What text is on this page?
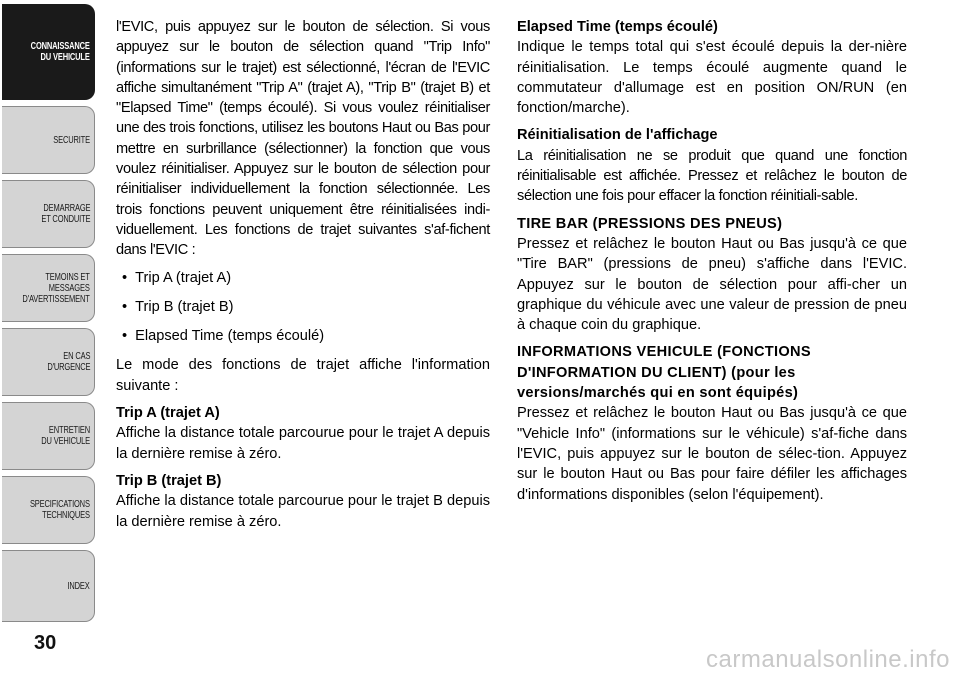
CONNAISSANCE
DU VEHICULE
SECURITE
DEMARRAGE
ET CONDUITE
TEMOINS ET
MESSAGES
D'AVERTISSEMENT
EN CAS
D'URGENCE
ENTRETIEN
DU VEHICULE
SPECIFICATIONS
TECHNIQUES
INDEX
30

l'EVIC, puis appuyez sur le bouton de sélection. Si vous appuyez sur le bouton de sélection quand "Trip Info" (informations sur le trajet) est sélectionné, l'écran de l'EVIC affiche simultanément "Trip A" (trajet A), "Trip B" (trajet B) et "Elapsed Time" (temps écoulé). Si vous voulez réinitialiser une des trois fonctions, utilisez les boutons Haut ou Bas pour mettre en surbrillance (sélectionner) la fonction que vous voulez réinitialiser. Appuyez sur le bouton de sélection pour réinitialiser individuellement la fonction sélectionnée. Les trois fonctions peuvent uniquement être réinitialisées indi-viduellement. Les fonctions de trajet suivantes s'af-fichent dans l'EVIC :

• Trip A (trajet A)
• Trip B (trajet B)
• Elapsed Time (temps écoulé)

Le mode des fonctions de trajet affiche l'information suivante :

Trip A (trajet A)

Affiche la distance totale parcourue pour le trajet A depuis la dernière remise à zéro.

Trip B (trajet B)

Affiche la distance totale parcourue pour le trajet B depuis la dernière remise à zéro.

Elapsed Time (temps écoulé)

Indique le temps total qui s'est écoulé depuis la der-nière réinitialisation. Le temps écoulé augmente quand le commutateur d'allumage est en position ON/RUN (en fonction/marche).

Réinitialisation de l'affichage

La réinitialisation ne se produit que quand une fonction réinitialisable est affichée. Pressez et relâchez le bouton de sélection une fois pour effacer la fonction réinitiali-sable.

TIRE BAR (PRESSIONS DES PNEUS)

Pressez et relâchez le bouton Haut ou Bas jusqu'à ce que "Tire BAR" (pressions de pneu) s'affiche dans l'EVIC. Appuyez sur le bouton de sélection pour affi-cher un graphique du véhicule avec une valeur de pression de pneu à chaque coin du graphique.

INFORMATIONS VEHICULE (FONCTIONS
D'INFORMATION DU CLIENT) (pour les
versions/marchés qui en sont équipés)

Pressez et relâchez le bouton Haut ou Bas jusqu'à ce que "Vehicle Info" (informations sur le véhicule) s'af-fiche dans l'EVIC, puis appuyez sur le bouton de sélec-tion. Appuyez sur le bouton Haut ou Bas pour faire défiler les affichages d'informations disponibles (selon l'équipement).

carmanualsonline.info
